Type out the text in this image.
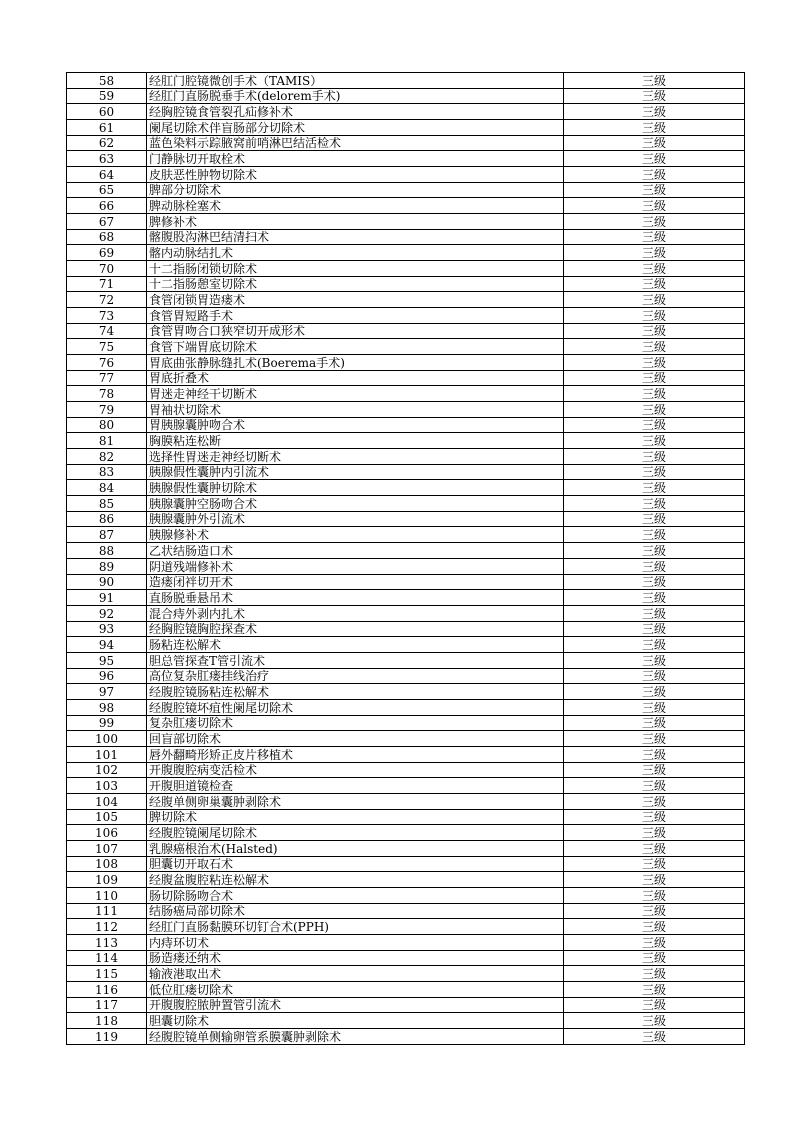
58	经肛门腔镜微创手术（TAMIS）	三级
59	经肛门直肠脱垂手术(delorem手术)	三级
60	经胸腔镜食管裂孔疝修补术	三级
61	阑尾切除术伴盲肠部分切除术	三级
62	蓝色染料示踪腋窝前哨淋巴结活检术	三级
63	门静脉切开取栓术	三级
64	皮肤恶性肿物切除术	三级
65	脾部分切除术	三级
66	脾动脉栓塞术	三级
67	脾修补术	三级
68	髂腹股沟淋巴结清扫术	三级
69	髂内动脉结扎术	三级
70	十二指肠闭锁切除术	三级
71	十二指肠憩室切除术	三级
72	食管闭锁胃造瘘术	三级
73	食管胃短路手术	三级
74	食管胃吻合口狭窄切开成形术	三级
75	食管下端胃底切除术	三级
76	胃底曲张静脉缝扎术(Boerema手术)	三级
77	胃底折叠术	三级
78	胃迷走神经干切断术	三级
79	胃袖状切除术	三级
80	胃胰腺囊肿吻合术	三级
81	胸膜粘连松断	三级
82	选择性胃迷走神经切断术	三级
83	胰腺假性囊肿内引流术	三级
84	胰腺假性囊肿切除术	三级
85	胰腺囊肿空肠吻合术	三级
86	胰腺囊肿外引流术	三级
87	胰腺修补术	三级
88	乙状结肠造口术	三级
89	阴道残端修补术	三级
90	造瘘闭袢切开术	三级
91	直肠脱垂悬吊术	三级
92	混合痔外剥内扎术	三级
93	经胸腔镜胸腔探查术	三级
94	肠粘连松解术	三级
95	胆总管探查T管引流术	三级
96	高位复杂肛瘘挂线治疗	三级
97	经腹腔镜肠粘连松解术	三级
98	经腹腔镜坏疽性阑尾切除术	三级
99	复杂肛瘘切除术	三级
100	回盲部切除术	三级
101	唇外翻畸形矫正皮片移植术	三级
102	开腹腹腔病变活检术	三级
103	开腹胆道镜检查	三级
104	经腹单侧卵巢囊肿剥除术	三级
105	脾切除术	三级
106	经腹腔镜阑尾切除术	三级
107	乳腺癌根治术(Halsted)	三级
108	胆囊切开取石术	三级
109	经腹盆腹腔粘连松解术	三级
110	肠切除肠吻合术	三级
111	结肠癌局部切除术	三级
112	经肛门直肠黏膜环切钉合术(PPH)	三级
113	内痔环切术	三级
114	肠造瘘还纳术	三级
115	输液港取出术	三级
116	低位肛瘘切除术	三级
117	开腹腹腔脓肿置管引流术	三级
118	胆囊切除术	三级
119	经腹腔镜单侧输卵管系膜囊肿剥除术	三级
